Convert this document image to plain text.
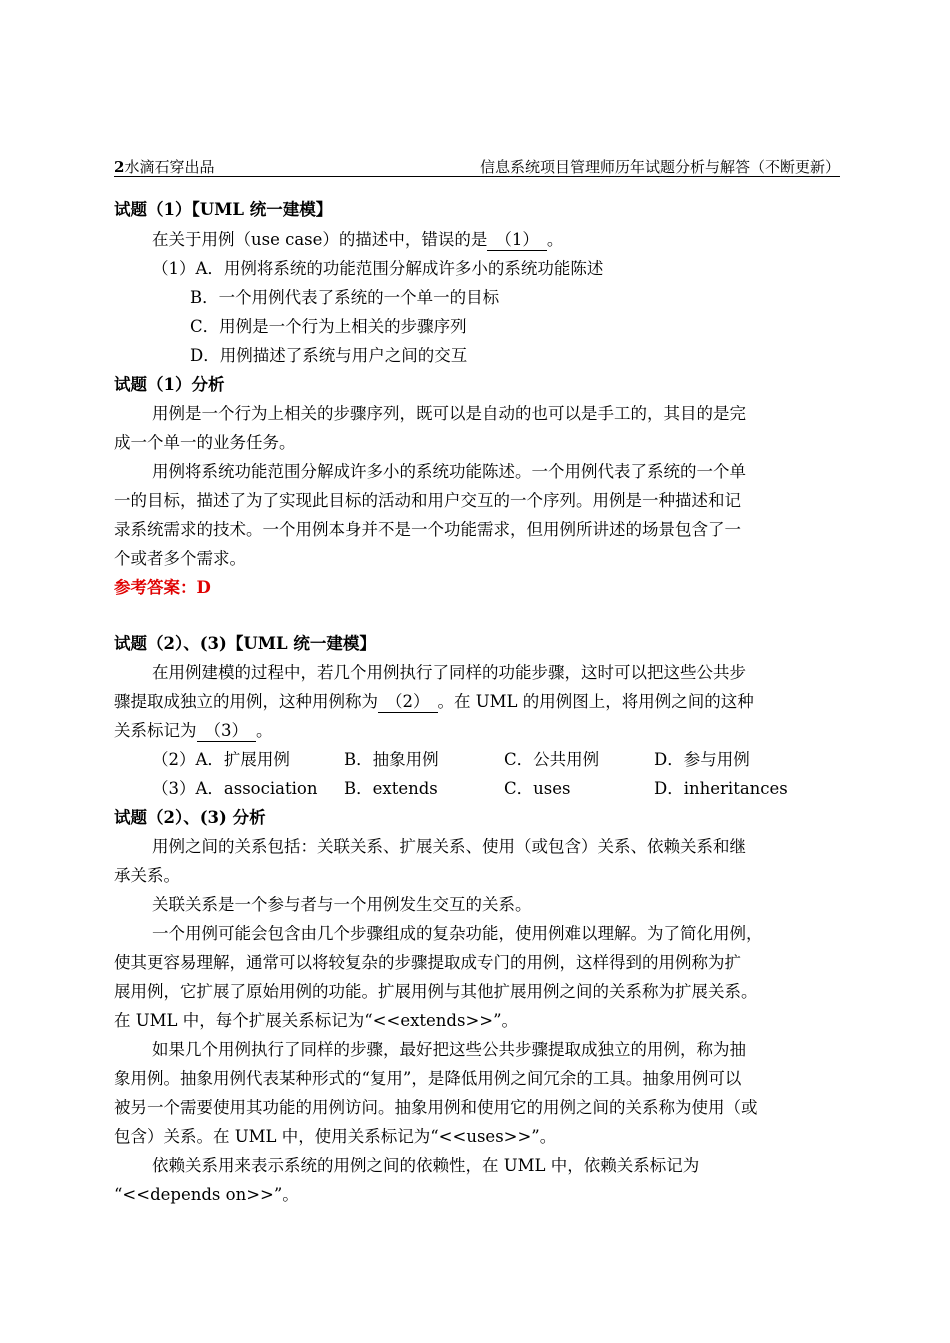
2水滴石穿出品	信息系统项目管理师历年试题分析与解答（不断更新）
试题（1）【UML 统一建模】
在关于用例（use case）的描述中，错误的是 （1） 。
（1）A．用例将系统的功能范围分解成许多小的系统功能陈述
B．一个用例代表了系统的一个单一的目标
C．用例是一个行为上相关的步骤序列
D．用例描述了系统与用户之间的交互
试题（1）分析
用例是一个行为上相关的步骤序列，既可以是自动的也可以是手工的，其目的是完
成一个单一的业务任务。
用例将系统功能范围分解成许多小的系统功能陈述。一个用例代表了系统的一个单
一的目标，描述了为了实现此目标的活动和用户交互的一个序列。用例是一种描述和记
录系统需求的技术。一个用例本身并不是一个功能需求，但用例所讲述的场景包含了一
个或者多个需求。
参考答案：D
试题（2）、(3)【UML 统一建模】
在用例建模的过程中，若几个用例执行了同样的功能步骤，这时可以把这些公共步
骤提取成独立的用例，这种用例称为 （2） 。在 UML 的用例图上，将用例之间的这种
关系标记为 （3） 。
（2）A．扩展用例	B．抽象用例	C．公共用例	D．参与用例
（3）A．association B．extends	C．uses	D．inheritances
试题（2）、(3) 分析
用例之间的关系包括：关联关系、扩展关系、使用（或包含）关系、依赖关系和继
承关系。
关联关系是一个参与者与一个用例发生交互的关系。
一个用例可能会包含由几个步骤组成的复杂功能，使用例难以理解。为了简化用例，
使其更容易理解，通常可以将较复杂的步骤提取成专门的用例，这样得到的用例称为扩
展用例，它扩展了原始用例的功能。扩展用例与其他扩展用例之间的关系称为扩展关系。
在 UML 中，每个扩展关系标记为“<<extends>>”。
如果几个用例执行了同样的步骤，最好把这些公共步骤提取成独立的用例，称为抽
象用例。抽象用例代表某种形式的“复用”，是降低用例之间冗余的工具。抽象用例可以
被另一个需要使用其功能的用例访问。抽象用例和使用它的用例之间的关系称为使用（或
包含）关系。在 UML 中，使用关系标记为“<<uses>>”。
依赖关系用来表示系统的用例之间的依赖性，在 UML 中，依赖关系标记为
“<<depends on>>”。
